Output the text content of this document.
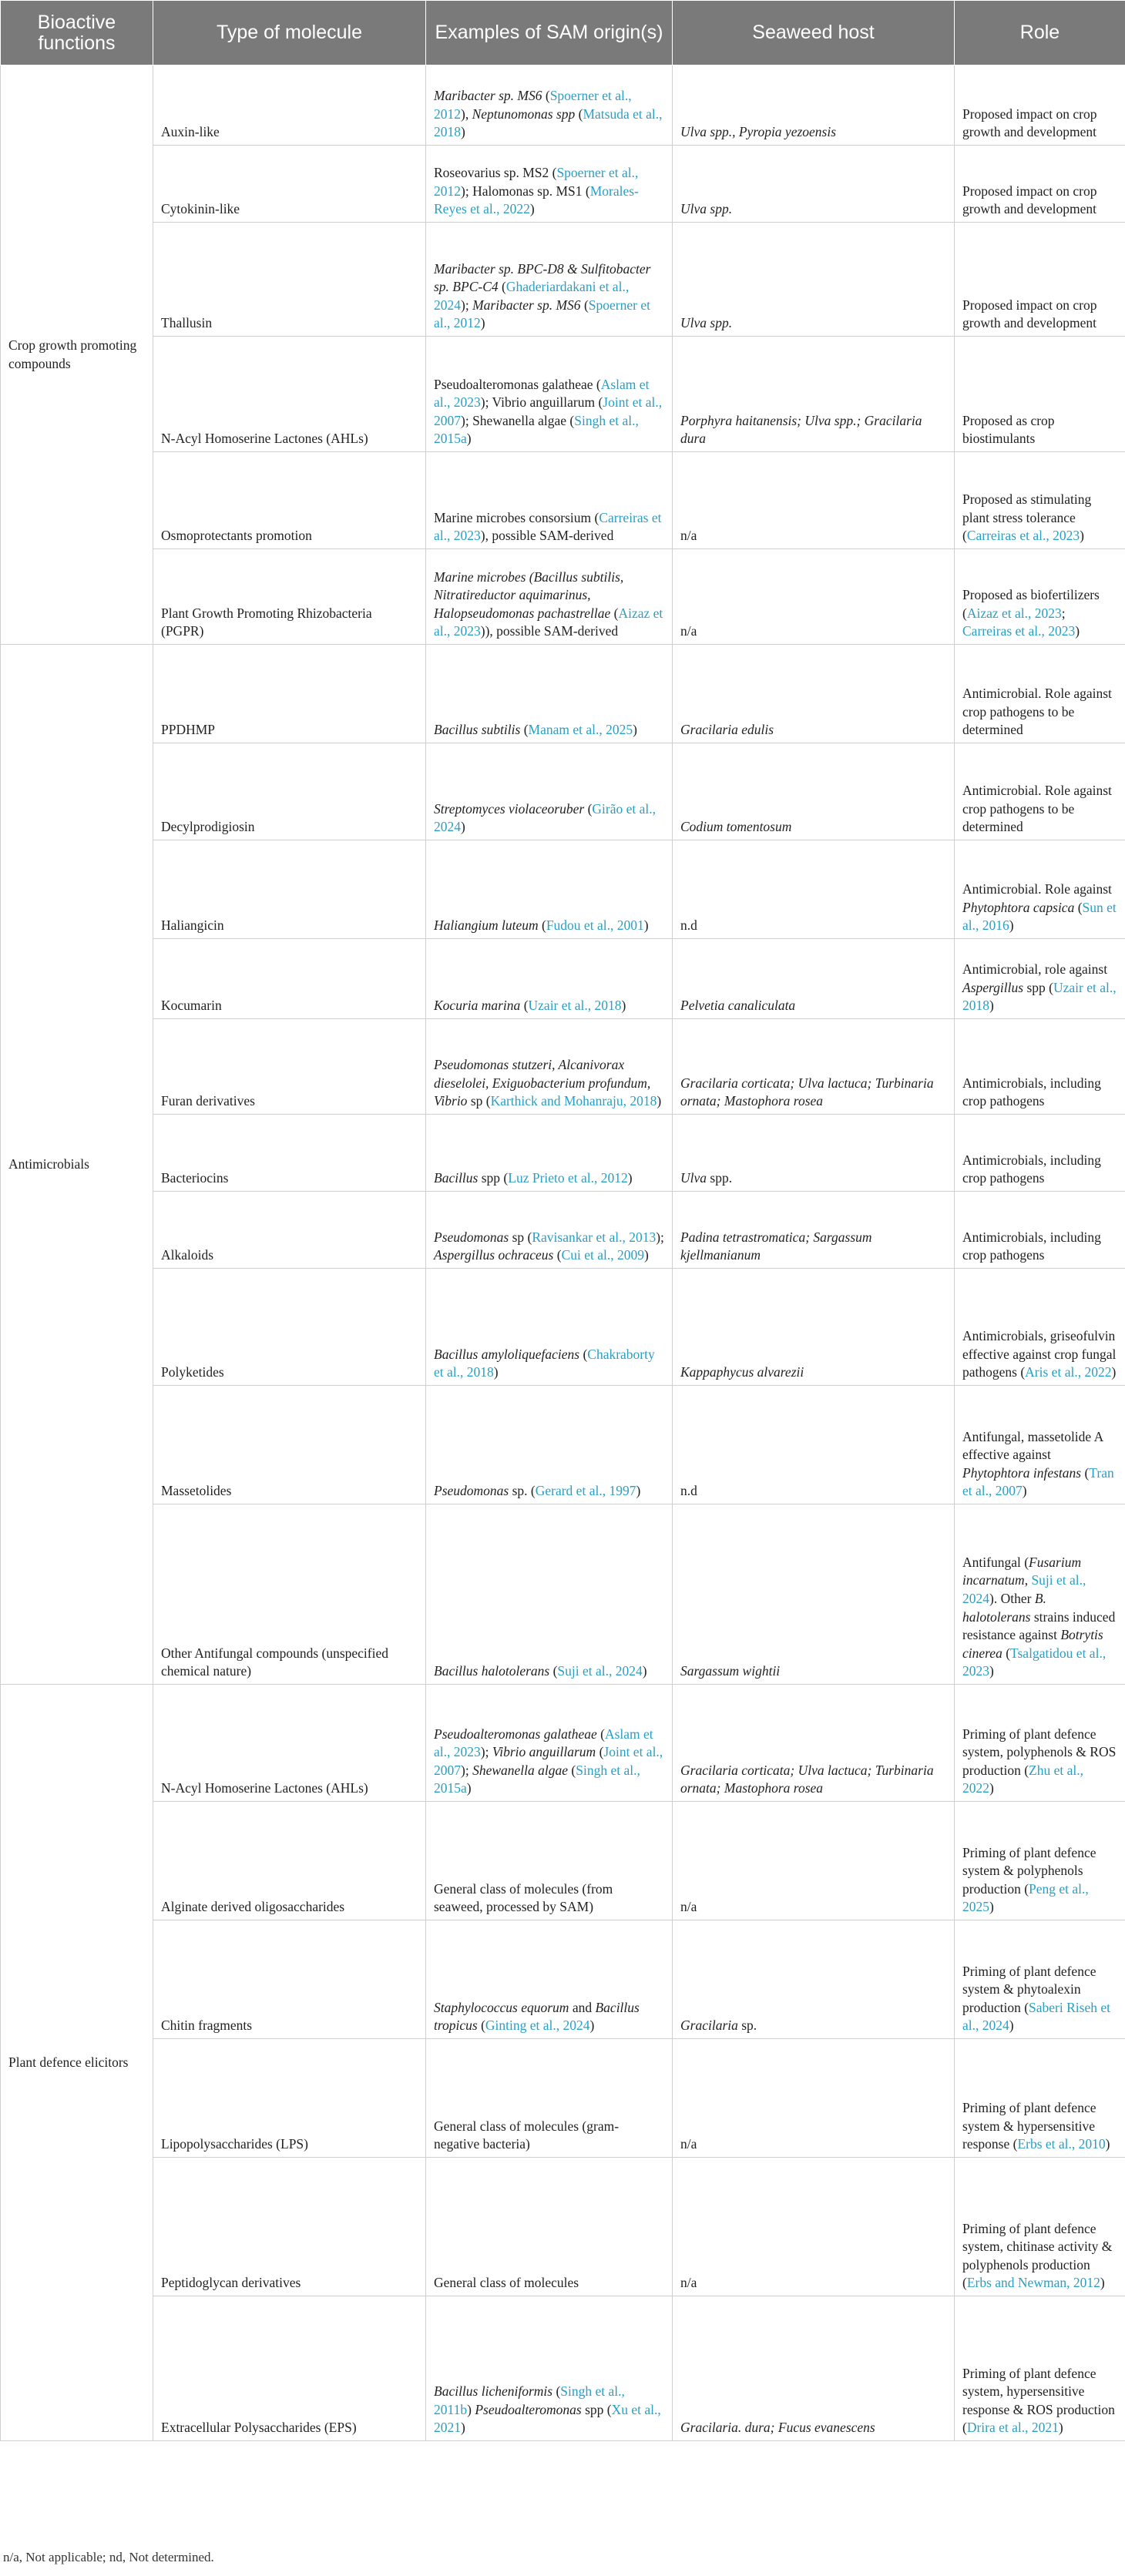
Bioactive functions	Type of molecule	Examples of SAM origin(s)	Seaweed host	Role
Crop growth promoting compounds	Auxin-like	Maribacter sp. MS6 (Spoerner et al., 2012), Neptunomonas spp (Matsuda et al., 2018)	Ulva spp., Pyropia yezoensis	Proposed impact on crop growth and development
	Cytokinin-like	Roseovarius sp. MS2 (Spoerner et al., 2012); Halomonas sp. MS1 (Morales-Reyes et al., 2022)	Ulva spp.	Proposed impact on crop growth and development
	Thallusin	Maribacter sp. BPC-D8 & Sulfitobacter sp. BPC-C4 (Ghaderiardakani et al., 2024); Maribacter sp. MS6 (Spoerner et al., 2012)	Ulva spp.	Proposed impact on crop growth and development
	N-Acyl Homoserine Lactones (AHLs)	Pseudoalteromonas galatheae (Aslam et al., 2023); Vibrio anguillarum (Joint et al., 2007); Shewanella algae (Singh et al., 2015a)	Porphyra haitanensis; Ulva spp.; Gracilaria dura	Proposed as crop biostimulants
	Osmoprotectants promotion	Marine microbes consorsium (Carreiras et al., 2023), possible SAM-derived	n/a	Proposed as stimulating plant stress tolerance (Carreiras et al., 2023)
	Plant Growth Promoting Rhizobacteria (PGPR)	Marine microbes (Bacillus subtilis, Nitratireductor aquimarinus, Halopseudomonas pachastrellae (Aizaz et al., 2023)), possible SAM-derived	n/a	Proposed as biofertilizers (Aizaz et al., 2023; Carreiras et al., 2023)
Antimicrobials	PPDHMP	Bacillus subtilis (Manam et al., 2025)	Gracilaria edulis	Antimicrobial. Role against crop pathogens to be determined
	Decylprodigiosin	Streptomyces violaceoruber (Girão et al., 2024)	Codium tomentosum	Antimicrobial. Role against crop pathogens to be determined
	Haliangicin	Haliangium luteum (Fudou et al., 2001)	n.d	Antimicrobial. Role against Phytophtora capsica (Sun et al., 2016)
	Kocumarin	Kocuria marina (Uzair et al., 2018)	Pelvetia canaliculata	Antimicrobial, role against Aspergillus spp (Uzair et al., 2018)
	Furan derivatives	Pseudomonas stutzeri, Alcanivorax dieselolei, Exiguobacterium profundum, Vibrio sp (Karthick and Mohanraju, 2018)	Gracilaria corticata; Ulva lactuca; Turbinaria ornata; Mastophora rosea	Antimicrobials, including crop pathogens
	Bacteriocins	Bacillus spp (Luz Prieto et al., 2012)	Ulva spp.	Antimicrobials, including crop pathogens
	Alkaloids	Pseudomonas sp (Ravisankar et al., 2013); Aspergillus ochraceus (Cui et al., 2009)	Padina tetrastromatica; Sargassum kjellmanianum	Antimicrobials, including crop pathogens
	Polyketides	Bacillus amyloliquefaciens (Chakraborty et al., 2018)	Kappaphycus alvarezii	Antimicrobials, griseofulvin effective against crop fungal pathogens (Aris et al., 2022)
	Massetolides	Pseudomonas sp. (Gerard et al., 1997)	n.d	Antifungal, massetolide A effective against Phytophtora infestans (Tran et al., 2007)
	Other Antifungal compounds (unspecified chemical nature)	Bacillus halotolerans (Suji et al., 2024)	Sargassum wightii	Antifungal (Fusarium incarnatum, Suji et al., 2024). Other B. halotolerans strains induced resistance against Botrytis cinerea (Tsalgatidou et al., 2023)
Plant defence elicitors	N-Acyl Homoserine Lactones (AHLs)	Pseudoalteromonas galatheae (Aslam et al., 2023); Vibrio anguillarum (Joint et al., 2007); Shewanella algae (Singh et al., 2015a)	Gracilaria corticata; Ulva lactuca; Turbinaria ornata; Mastophora rosea	Priming of plant defence system, polyphenols & ROS production (Zhu et al., 2022)
	Alginate derived oligosaccharides	General class of molecules (from seaweed, processed by SAM)	n/a	Priming of plant defence system & polyphenols production (Peng et al., 2025)
	Chitin fragments	Staphylococcus equorum and Bacillus tropicus (Ginting et al., 2024)	Gracilaria sp.	Priming of plant defence system & phytoalexin production (Saberi Riseh et al., 2024)
	Lipopolysaccharides (LPS)	General class of molecules (gram-negative bacteria)	n/a	Priming of plant defence system & hypersensitive response (Erbs et al., 2010)
	Peptidoglycan derivatives	General class of molecules	n/a	Priming of plant defence system, chitinase activity & polyphenols production (Erbs and Newman, 2012)
	Extracellular Polysaccharides (EPS)	Bacillus licheniformis (Singh et al., 2011b) Pseudoalteromonas spp (Xu et al., 2021)	Gracilaria. dura; Fucus evanescens	Priming of plant defence system, hypersensitive response & ROS production (Drira et al., 2021)
n/a, Not applicable; nd, Not determined.
